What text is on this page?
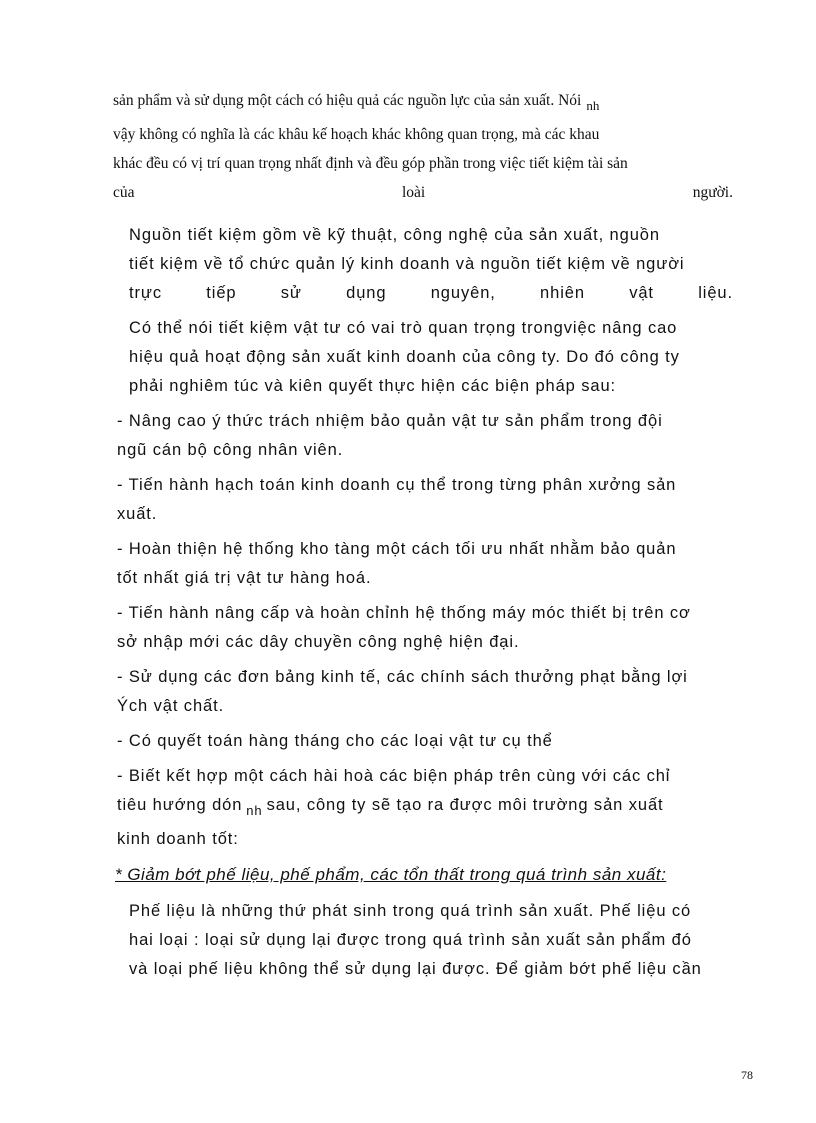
sản phẩm và sử dụng một cách có hiệu quả các nguồn lực của sản xuất. Nói $_{nh}$
vậy không có nghĩa là các khâu kế hoạch khác không quan trọng, mà các khau
khác đều có vị trí quan trọng nhất định và đều góp phần trong việc tiết kiệm tài sản
của	loài	người.
Nguồn tiết kiệm gồm về kỹ thuật, công nghệ của sản xuất, nguồn
tiết kiệm về tổ chức quản lý kinh doanh và nguồn tiết kiệm về người
trực	tiếp	sử	dụng	nguyên,	nhiên	vật	liệu.
Có thể nói tiết kiệm vật tư có vai trò quan trọng trongviệc nâng cao
hiệu quả hoạt động sản xuất kinh doanh của công ty. Do đó công ty
phải nghiêm túc và kiên quyết thực hiện các biện pháp sau:
- Nâng cao ý thức trách nhiệm bảo quản vật tư sản phẩm trong đội
ngũ cán bộ công nhân viên.
- Tiến hành hạch toán kinh doanh cụ thể trong từng phân xưởng sản
xuất.
- Hoàn thiện hệ thống kho tàng một cách tối ưu nhất nhằm bảo quản
tốt nhất giá trị vật tư hàng hoá.
- Tiến hành nâng cấp và hoàn chỉnh hệ thống máy móc thiết bị trên cơ
sở nhập mới các dây chuyền công nghệ hiện đại.
- Sử dụng các đơn bảng kinh tế, các chính sách thưởng phạt bằng lợi
Ých vật chất.
- Có quyết toán hàng tháng cho các loại vật tư cụ thể
- Biết kết hợp một cách hài hoà các biện pháp trên cùng với các chỉ
tiêu hướng dón $_{nh}$ sau, công ty sẽ tạo ra được môi trường sản xuất
kinh doanh tốt:
* Giảm bớt phế liệu, phế phẩm, các tổn thất trong quá trình sản xuất:
Phế liệu là những thứ phát sinh trong quá trình sản xuất. Phế liệu có
hai loại : loại sử dụng lại được trong quá trình sản xuất sản phẩm đó
và loại phế liệu không thể sử dụng lại được. Để giảm bớt phế liệu cần
78
